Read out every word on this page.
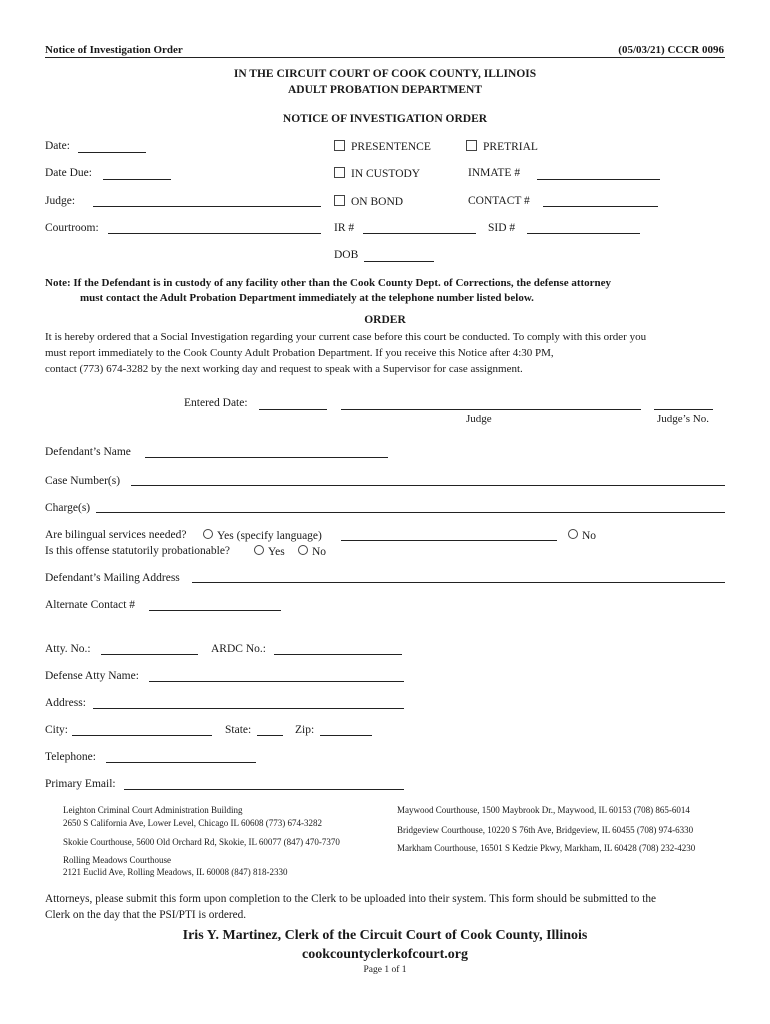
Notice of Investigation Order	(05/03/21) CCCR 0096
IN THE CIRCUIT COURT OF COOK COUNTY, ILLINOIS
ADULT PROBATION DEPARTMENT
NOTICE OF INVESTIGATION ORDER
Date:
Date Due:
Judge:
Courtroom:
PRESENTENCE	PRETRIAL
IN CUSTODY	INMATE #
ON BOND	CONTACT #
IR #	SID #
DOB
Note: If the Defendant is in custody of any facility other than the Cook County Dept. of Corrections, the defense attorney
must contact the Adult Probation Department immediately at the telephone number listed below.
ORDER
It is hereby ordered that a Social Investigation regarding your current case before this court be conducted. To comply with this order you
must report immediately to the Cook County Adult Probation Department. If you receive this Notice after 4:30 PM,
contact (773) 674-3282 by the next working day and request to speak with a Supervisor for case assignment.
Entered Date:
Judge	Judge’s No.
Defendant’s Name
Case Number(s)
Charge(s)
Are bilingual services needed?	Yes (specify language)	No
Is this offense statutorily probationable?	Yes	No
Defendant’s Mailing Address
Alternate Contact #
Atty. No.:	ARDC No.:
Defense Atty Name:
Address:
City:	State:	Zip:
Telephone:
Primary Email:
Leighton Criminal Court Administration Building
2650 S California Ave, Lower Level, Chicago IL 60608 (773) 674-3282
Skokie Courthouse, 5600 Old Orchard Rd, Skokie, IL 60077 (847) 470-7370
Rolling Meadows Courthouse
2121 Euclid Ave, Rolling Meadows, IL 60008 (847) 818-2330
Maywood Courthouse, 1500 Maybrook Dr., Maywood, IL 60153 (708) 865-6014
Bridgeview Courthouse, 10220 S 76th Ave, Bridgeview, IL 60455 (708) 974-6330
Markham Courthouse, 16501 S Kedzie Pkwy, Markham, IL 60428 (708) 232-4230
Attorneys, please submit this form upon completion to the Clerk to be uploaded into their system. This form should be submitted to the
Clerk on the day that the PSI/PTI is ordered.
Iris Y. Martinez, Clerk of the Circuit Court of Cook County, Illinois
cookcountyclerkofcourt.org
Page 1 of 1
